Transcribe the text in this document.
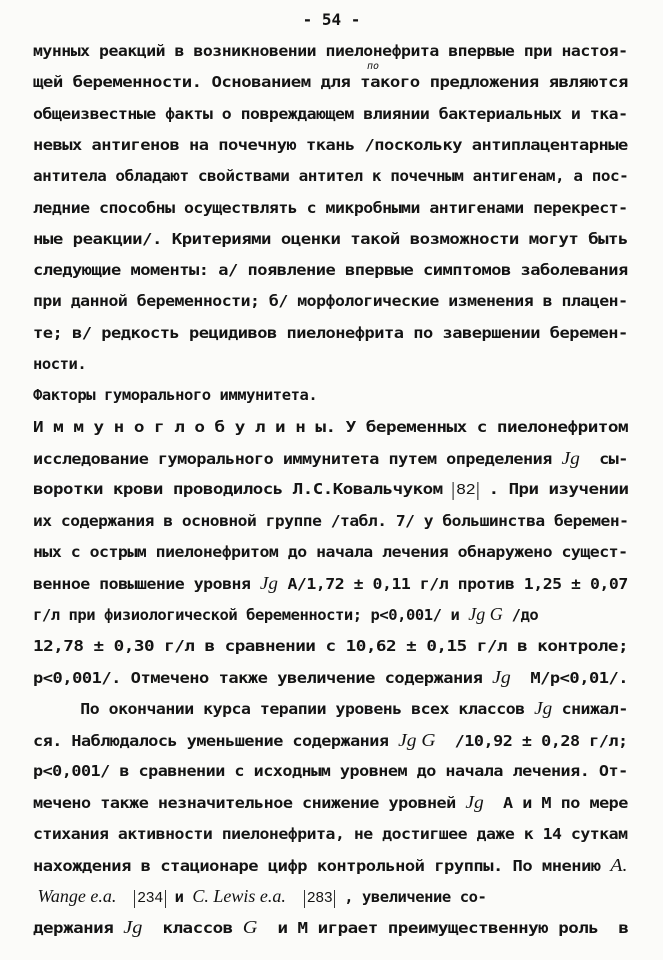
- 54 -
мунных реакций в возникновении пиелонефрита впервые при настоя-
щей беременности. Основанием для такого предложения являются
общеизвестные факты о повреждающем влиянии бактериальных и тка-
невых антигенов на почечную ткань /поскольку антиплацентарные
антитела обладают свойствами антител к почечным антигенам, а пос-
ледние способны осуществлять с микробными антигенами перекрест-
ные реакции/. Критериями оценки такой возможности могут быть
следующие моменты: а/ появление впервые симптомов заболевания
при данной беременности; б/ морфологические изменения в плацен-
те; в/ редкость рецидивов пиелонефрита по завершении беремен-
ности.
Факторы гуморального иммунитета.
И м м у н о г л о б у л и н ы. У беременных с пиелонефритом
исследование гуморального иммунитета путем определения Jg  сы-
воротки крови проводилось Л.С.Ковальчуком 82 . При изучении
их содержания в основной группе /табл. 7/ у большинства беремен-
ных с острым пиелонефритом до начала лечения обнаружено сущест-
венное повышение уровня Jg А/1,72 ± 0,11 г/л против 1,25 ± 0,07
г/л при физиологической беременности; р<0,001/ и Jg G /до
12,78 ± 0,30 г/л в сравнении с 10,62 ± 0,15 г/л в контроле;
р<0,001/. Отмечено также увеличение содержания Jg  М/р<0,01/.
По окончании курса терапии уровень всех классов Jg снижал-
ся. Наблюдалось уменьшение содержания Jg G  /10,92 ± 0,28 г/л;
р<0,001/ в сравнении с исходным уровнем до начала лечения. От-
мечено также незначительное снижение уровней Jg  А и М по мере
стихания активности пиелонефрита, не достигшее даже к 14 суткам
нахождения в стационаре цифр контрольной группы. По мнению A.
Wange e.a. 234 и C. Lewis e.a. 283 , увеличение со-
держания Jg  классов G  и М играет преимущественную роль  в
по
